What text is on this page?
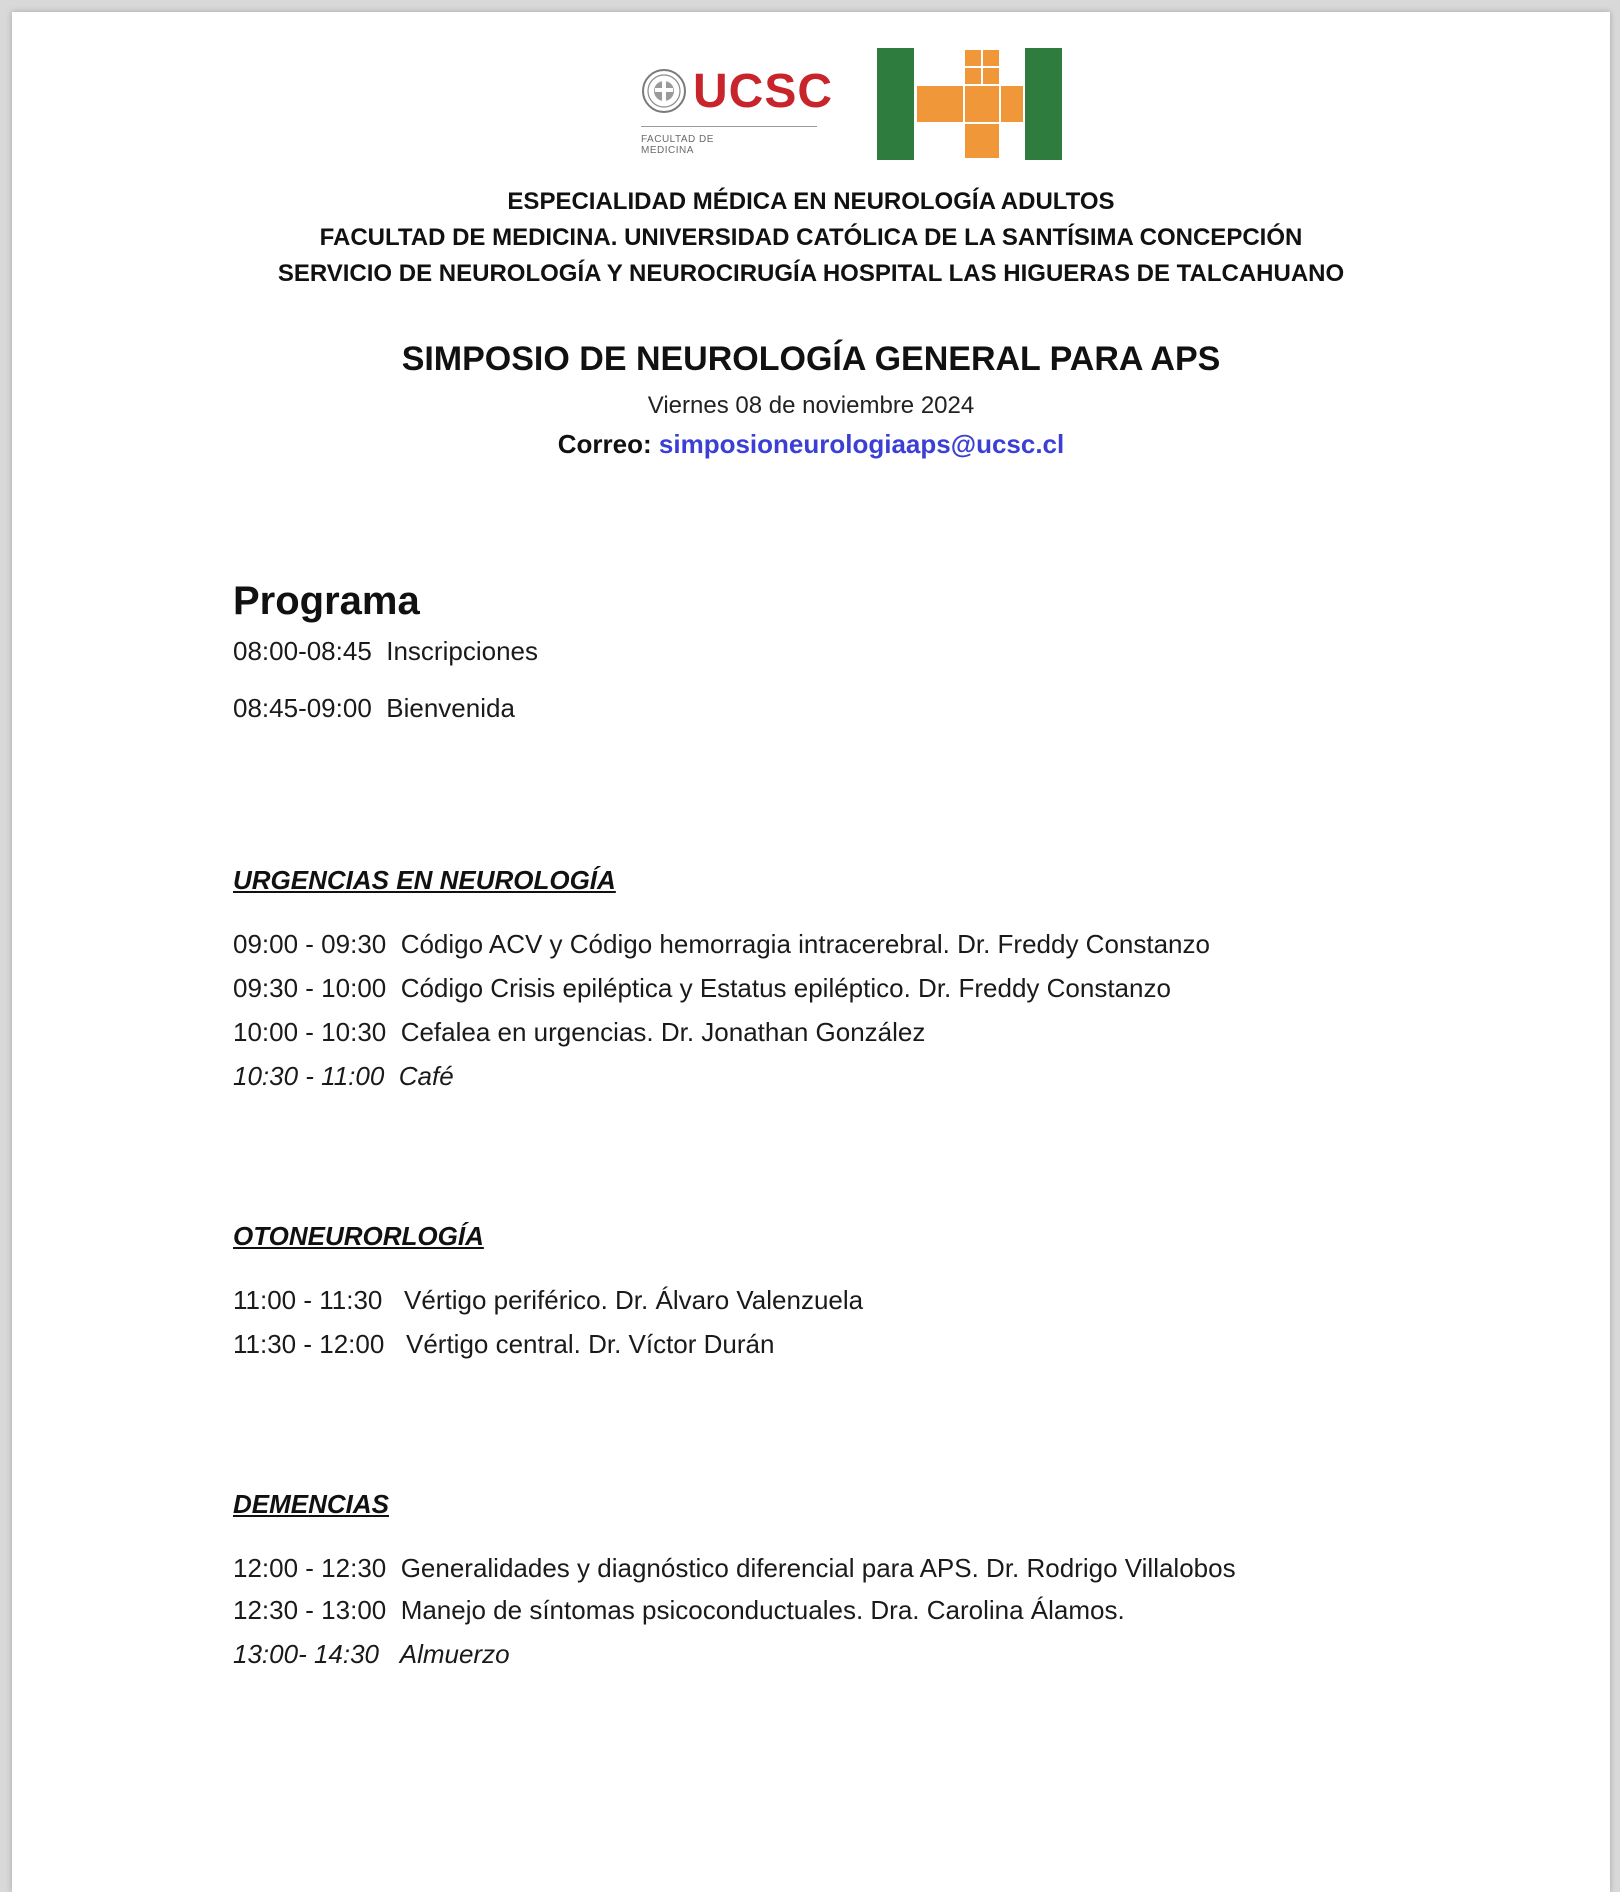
UCSC
FACULTAD DE
MEDICINA
ESPECIALIDAD MÉDICA EN NEUROLOGÍA ADULTOS
FACULTAD DE MEDICINA. UNIVERSIDAD CATÓLICA DE LA SANTÍSIMA CONCEPCIÓN
SERVICIO DE NEUROLOGÍA Y NEUROCIRUGÍA HOSPITAL LAS HIGUERAS DE TALCAHUANO
SIMPOSIO DE NEUROLOGÍA GENERAL PARA APS
Viernes 08 de noviembre 2024
Correo: simposioneurologiaaps@ucsc.cl
Programa
08:00-08:45 Inscripciones
08:45-09:00 Bienvenida
URGENCIAS EN NEUROLOGÍA
09:00 - 09:30 Código ACV y Código hemorragia intracerebral. Dr. Freddy Constanzo
09:30 - 10:00 Código Crisis epiléptica y Estatus epiléptico. Dr. Freddy Constanzo
10:00 - 10:30 Cefalea en urgencias. Dr. Jonathan González
10:30 - 11:00 Café
OTONEURORLOGÍA
11:00 - 11:30 Vértigo periférico. Dr. Álvaro Valenzuela
11:30 - 12:00 Vértigo central. Dr. Víctor Durán
DEMENCIAS
12:00 - 12:30 Generalidades y diagnóstico diferencial para APS. Dr. Rodrigo Villalobos
12:30 - 13:00 Manejo de síntomas psicoconductuales. Dra. Carolina Álamos.
13:00- 14:30 Almuerzo
